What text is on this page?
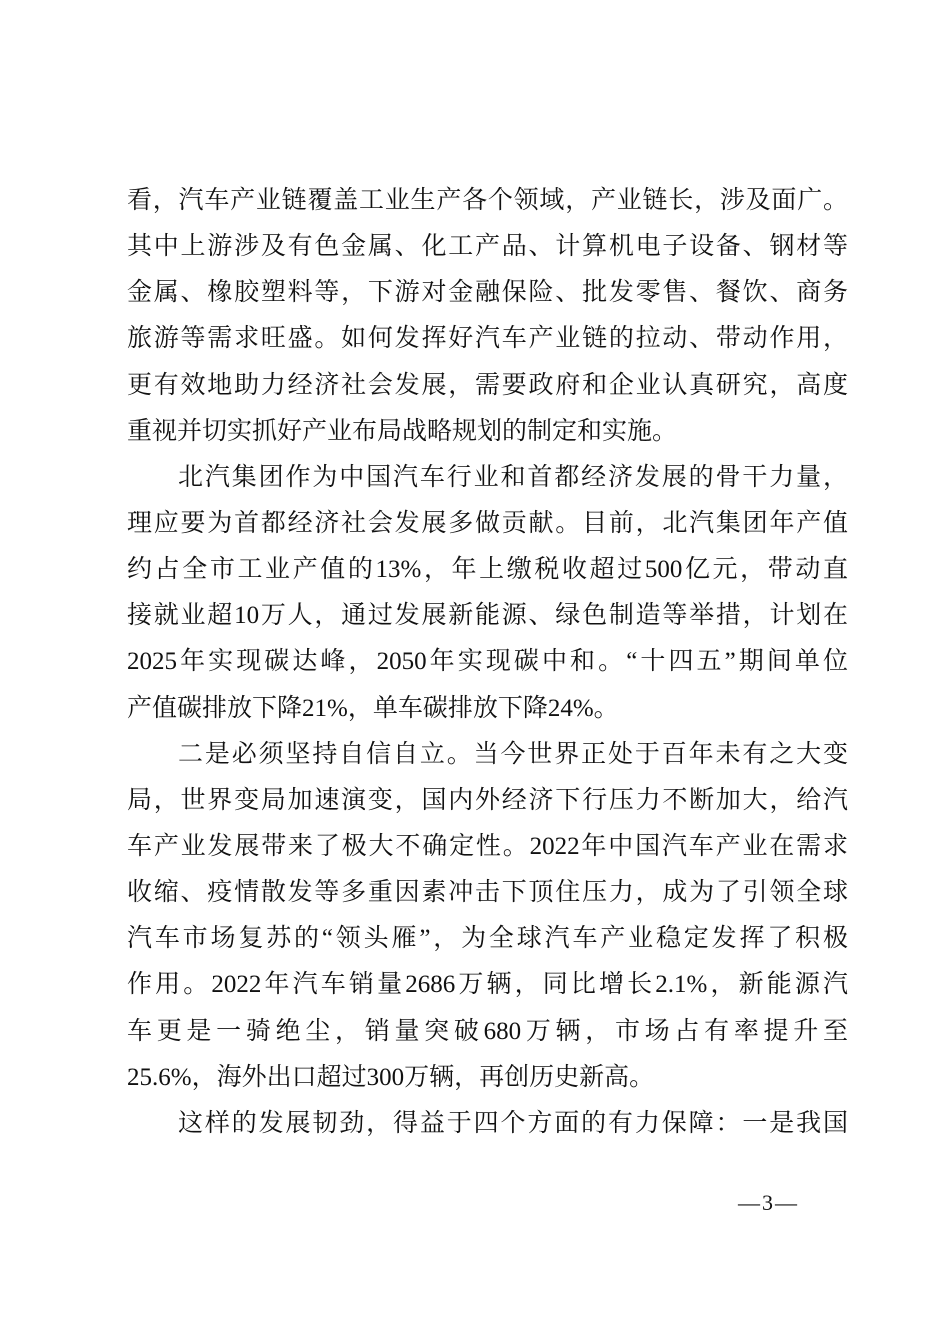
看，汽车产业链覆盖工业生产各个领域，产业链长，涉及面广。
其中上游涉及有色金属、化工产品、计算机电子设备、钢材等
金属、橡胶塑料等，下游对金融保险、批发零售、餐饮、商务
旅游等需求旺盛。如何发挥好汽车产业链的拉动、带动作用，
更有效地助力经济社会发展，需要政府和企业认真研究，高度
重视并切实抓好产业布局战略规划的制定和实施。
北汽集团作为中国汽车行业和首都经济发展的骨干力量，
理应要为首都经济社会发展多做贡献。目前，北汽集团年产值
约占全市工业产值的13%，年上缴税收超过500亿元，带动直
接就业超10万人，通过发展新能源、绿色制造等举措，计划在
2025年实现碳达峰，2050年实现碳中和。“十四五”期间单位
产值碳排放下降21%，单车碳排放下降24%。
二是必须坚持自信自立。当今世界正处于百年未有之大变
局，世界变局加速演变，国内外经济下行压力不断加大，给汽
车产业发展带来了极大不确定性。2022年中国汽车产业在需求
收缩、疫情散发等多重因素冲击下顶住压力，成为了引领全球
汽车市场复苏的“领头雁”，为全球汽车产业稳定发挥了积极
作用。2022年汽车销量2686万辆，同比增长2.1%，新能源汽
车更是一骑绝尘，销量突破680万辆，市场占有率提升至
25.6%，海外出口超过300万辆，再创历史新高。
这样的发展韧劲，得益于四个方面的有力保障：一是我国
—3—
